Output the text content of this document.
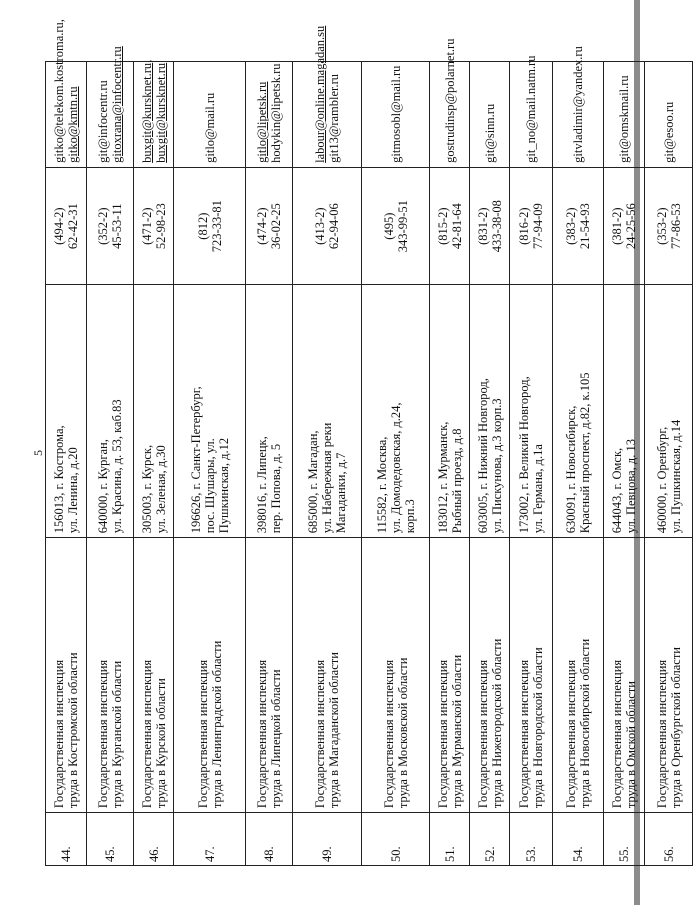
5
44.	Государственная инспекция труда в Костромской области	156013, г. Кострома, ул. Ленина, д.20	(494-2) 62-42-31	gitko@telekom.kostroma.ru, gitko@kmtn.ru

45.	Государственная инспекция труда в Курганской области	640000, г. Курган, ул. Красина, д. 53, каб.83	(352-2) 45-53-11	git@infocentr.ru gitoxrana@infocentr.ru

46.	Государственная инспекция труда в Курской области	305003, г. Курск, ул. Зеленая, д.30	(471-2) 52-98-23	buxgit@kursknet.ru, buxgit@kursknet.ru

47.	Государственная инспекция труда в Ленинградской области	196626, г. Санкт-Петербург, пос. Шушары, ул. Пушкинская, д.12	(812) 723-33-81	gitlo@mail.ru

48.	Государственная инспекция труда в Липецкой области	398016, г. Липецк, пер. Попова, д. 5	(474-2) 36-02-25	gitlo@lipetsk.ru hodykin@lipetsk.ru

49.	Государственная инспекция труда в Магаданской области	685000, г. Магадан, ул. Набережная реки Магаданки, д.7	(413-2) 62-94-06	labour@online.magadan.su git13@rambler.ru

50.	Государственная инспекция труда в Московской области	115582, г. Москва, ул. Домодедовская, д.24, корп.3	(495) 343-99-51	gitmosobl@mail.ru

51.	Государственная инспекция труда в Мурманской области	183012, г. Мурманск, Рыбный проезд, д.8	(815-2) 42-81-64	gostrudinsp@polarnet.ru

52.	Государственная инспекция труда в Нижегородской области	603005, г. Нижний Новгород, ул. Пискунова, д.3 корп.3	(831-2) 433-38-08	git@sinn.ru

53.	Государственная инспекция труда в Новгородской области	173002, г. Великий Новгород, ул. Германа, д.1а	(816-2) 77-94-09	git_no@mail.natm.ru

54.	Государственная инспекция труда в Новосибирской области	630091, г. Новосибирск, Красный проспект, д.82, к.105	(383-2) 21-54-93	gitvladimir@yandex.ru

55.	Государственная инспекция труда в Омской области	644043, г. Омск, ул. Певцова, д. 13	(381-2) 24-25-56	git@omskmail.ru

56.	Государственная инспекция труда в Оренбургской области	460000, г. Оренбург, ул. Пушкинская, д.14	(353-2) 77-86-53	git@esoo.ru
